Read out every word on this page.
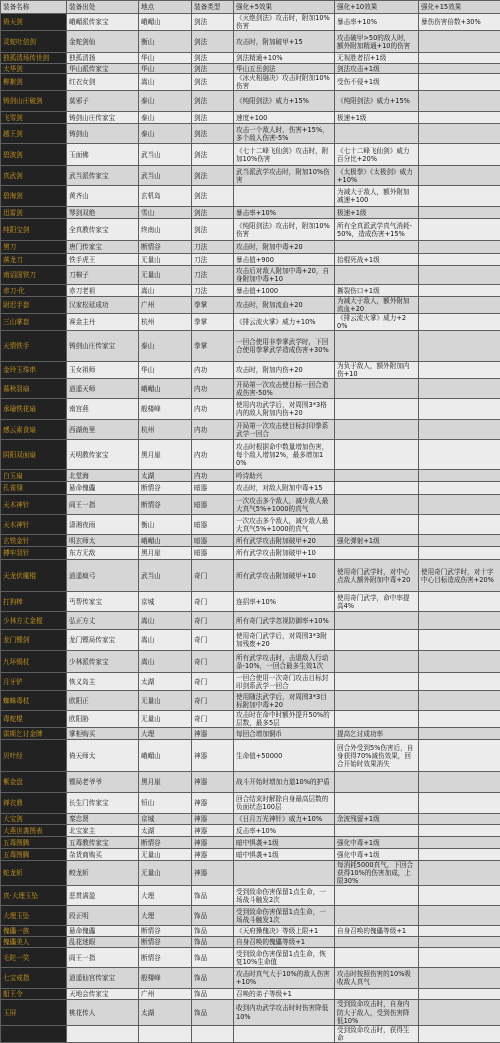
装备名称	装备出处	地点	装备类型	强化+5效果	强化+10效果	强化+15效果
倚天剑	峨嵋派传家宝	峨嵋山	剑法	《灭绝剑法》攻击时，附加10%伤害	暴击率+10%	暴伤伤害倍数+30%
灵蛇吐信剑	金蛇剑仙	衡山	剑法	攻击时，附加破甲+15	攻击破甲>50的敌人时，额外附加精通+10的伤害	
独孤清场传世剑	独孤清扬	华山	剑法	剑法精通+10%	无视胜者招+1级	
太华剑	华山派传家宝	华山	剑法	华山五岳剑法	剑法攻击+1级	
柳絮剑	红衣女剑	嵩山	剑法	《冰火相融决》攻击时附加10%伤害	受伤不侵+1级	
铸剑山庄破剑	莫邪子	泰山	剑法	《纯阳剑法》威力+15%	《纯阳剑法》威力+15%	
飞雪剑	铸剑山庄传家宝	泰山	剑法	速度+100	极速+1级	
越王剑	铸剑山	泰山	剑法	攻击一个敌人时，伤害+15%，多个敌人伤害-5%		
碧波剑	玉面佛	武当山	剑法	《七十二峰飞仙剑》攻击时，附加10%伤害	《七十二峰飞仙剑》威力百分比+20%	
真武剑	武当派传家宝	武当山	剑法	武当派武学攻击时，附加10%伤害	《太极拳》《太极剑》威力+10%	
碧海剑	黄齐山	玄机岛	剑法		为减大于敌人，额外附加减速+100	
迅雷剑	琴剑双绝	雪山	剑法	暴击率+10%	极速+1级	
纯阳宝剑	全真教传家宝	终南山	剑法	《纯阳剑法》攻击时，附加10%伤害	所有全真派武学真气消耗-50%，造成伤害+15%	
黑刀	唐门传家宝	断情谷	刀法	攻击时，附加中毒+20		
落龙刀	铁手虎王	无量山	刀法	暴击值+900	抬棍死战+1级	
南诏国铁刀	刀棉子	无量山	刀法	攻击后对敌人附加中毒+20，自身附加中毒+10		
赤刀·化	赤刀老祖	嵩山	刀法	暴击值+1000	撕裂伤口+1级	
尉迟手套	汉家松延成功	广州	拳掌	攻击时，附加流血+20	为减大于敌人，额外附加流血+20	
三山掌套	赛金主丹	杭州	拳掌	《排云流火掌》威力+10%	《排云流火掌》威力+20%	
天情铁手	铸剑山庄传家宝	泰山	拳掌	一回合使用非拳掌武学时，下回合使用拳掌武学造成伤害+30%		
金玲玉珠串	玉女祖师	华山	内功	攻击时，附加内伤+20	为负于敌人，额外附加内伤+10	
慕秋羽扇	逍遥天师	峨嵋山	内功	开局第一次攻击使目标一回合造成伤害-50%		
承瑜铁花扇	南宫燕	般楼峰	内功	使用内功武学后，对周围3*3格内的敌人附加内伤+20		
感云素食扇	西湖鱼里	杭州	内功	开局第一次攻击使目标封印拳系武学一回合		
阴阳双面扇	天明教传家宝	黑月崖	内功	攻击时根据命中数量增加伤害，每个敌人增加2%，最多增加10%		
白玉扇	北堂海	太湖	内功	吟诗助兴		
孔雀翎	悬命傀儡	断情谷	暗器	攻击时，对敌人附加中毒+15		
天木神针	阎王一指	断情谷	暗器	一次攻击多个敌人，减少敌人最大真气5%+1000的真气		
天木神针	潇湘夜雨	衡山	暗器	一次攻击多个敌人，减少敌人最大真气5%+1000的真气		
玄铁金针	明玄师太	峨嵋山	暗器	所有武学攻击附加破甲+20	强化弹射+1级	
搏牢羽针	东方无敌	黑月崖	暗器	所有武学攻击附加破甲+10		
天龙伏魔棍	逍遥疯弓	武当山	奇门	所有武学攻击附加破甲+10	使用奇门武学时，对中心点敌人额外附加中毒+20	使用奇门武学时，对十字中心目标造成伤害+20%
打狗棒	丐帮传家宝	京城	奇门	连招率+10%	使用奇门武学，命中率提高4%	
少林方丈金棍	弘正方丈	嵩山	奇门	所有奇门武学忽视防御率+10%		
龙门镖剑	龙门镖局传家宝	嵩山	奇门	使用奇门武学后，对周围3*3附加残废+20		
九环锡杖	少林派传家宝	嵩山	奇门	所有武学攻击时，击退敌人行动条-10%，一回合最多生效1次		
月牙铲	恢义岛主	太湖	奇门	一回合使用一次奇门攻击目标封印剑系武学一回合		
蜘蛛毒杖	欧阳正	无量山	奇门	使用随法武学后，对周围3*3目标附加中毒+20		
毒蛇棍	欧阳胁	无量山	奇门	攻击时在命中时额外提升50%的层数，最多5层		
雷斯乞讨金牌	掌柜购买	大理	神器	每回合增加铜币	提高乞讨成功率	
贝叶经	倚天师太	峨嵋山	神器	生命值+50000	回合外受到5%伤害后，自身获得70%减伤效果，回合开始时效果消失	
紫金盘	镖局老爷爷	黑月崖	神器	战斗开始时增加力道10%的护盾		
禅衣鼎	长生门传家宝	恒山	神器	回合结束时解除自身最高层数的负面状态100层		
大宝剑	秦忠贤	京城	神器	《日月万光神针》威力+10%	余波残留+1级	
大燕世袭图表	北宝家主	太湖	神器	反击率+10%		
五毒图腾	五毒教传家宝	断情谷	神器	暗中惧袭+1级	强化中毒+1级	
五毒图腾	杂货商购买	无量山	神器	暗中惧袭+1级	强化中毒+1级	
蛇龙斩	鲛龙斩	无量山	神器		每消耗5000真气，下回合获得10%的伤害加成，上限30%	
真·大理玉坠	恶贯满盈	大理	饰品	受到致命伤害保留1点生命，一场战斗触发2次		
大理玉坠	段正明	大理	饰品	受到致命伤害保留1点生命，一场战斗触发1次		
傀儡一族	悬命傀儡	断情谷	饰品	《天府操傀决》等级上限+1	自身召唤的傀儡等级+1	
傀儡美人	乱花迷眼	断情谷	饰品	自身召唤的傀儡等级+1		
毛陀一笑	阎王一指	断情谷	饰品	受到致命伤害保留1点生命，恢复10%生命值		
七宝戒指	逍遥仙宫传家宝	般楼峰	饰品	攻击时真气大于10%的敌人伤害+10%	攻击时按照伤害的10%吸收敌人真气	
船王令	天地会传家宝	广州	饰品	召唤的弟子等级+1		
玉屏	桃花传人	太湖	饰品	收到内功武学攻击时时伤害降低10%	受到致命攻击时，自身内防大于敌人，受到伤害降低10%	
					受到致命攻击时，获得生命	
